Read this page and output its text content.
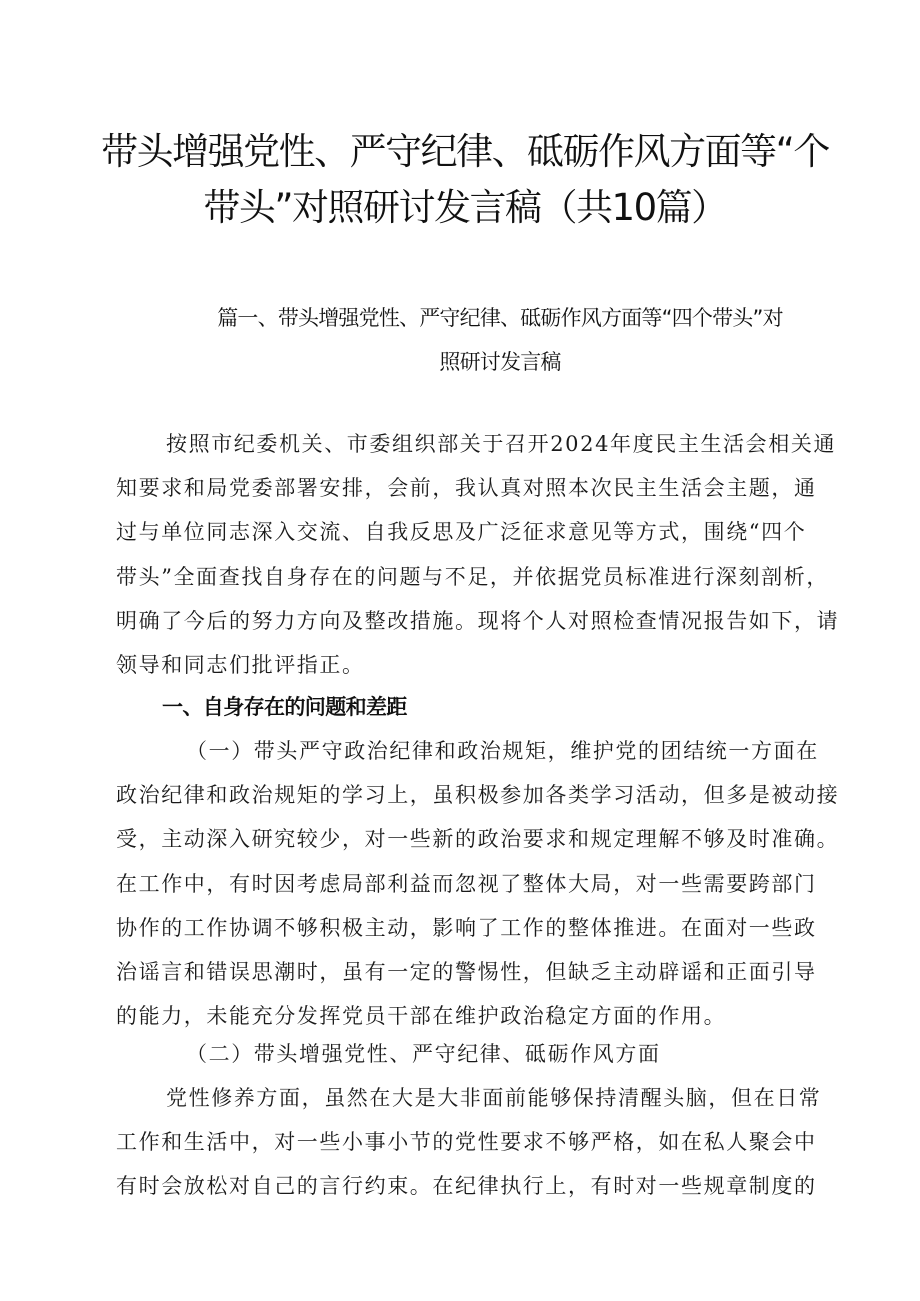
带头增强党性、严守纪律、砥砺作风方面等“个
带头”对照研讨发言稿（共10篇）
篇一、带头增强党性、严守纪律、砥砺作风方面等“四个带头”对
照研讨发言稿

按照市纪委机关、市委组织部关于召开2024年度民主生活会相关通
知要求和局党委部署安排，会前，我认真对照本次民主生活会主题，通
过与单位同志深入交流、自我反思及广泛征求意见等方式，围绕“四个
带头”全面查找自身存在的问题与不足，并依据党员标准进行深刻剖析，
明确了今后的努力方向及整改措施。现将个人对照检查情况报告如下，请
领导和同志们批评指正。

一、自身存在的问题和差距

（一）带头严守政治纪律和政治规矩，维护党的团结统一方面在
政治纪律和政治规矩的学习上，虽积极参加各类学习活动，但多是被动接
受，主动深入研究较少，对一些新的政治要求和规定理解不够及时准确。
在工作中，有时因考虑局部利益而忽视了整体大局，对一些需要跨部门
协作的工作协调不够积极主动，影响了工作的整体推进。在面对一些政
治谣言和错误思潮时，虽有一定的警惕性，但缺乏主动辟谣和正面引导
的能力，未能充分发挥党员干部在维护政治稳定方面的作用。

（二）带头增强党性、严守纪律、砥砺作风方面

党性修养方面，虽然在大是大非面前能够保持清醒头脑，但在日常
工作和生活中，对一些小事小节的党性要求不够严格，如在私人聚会中
有时会放松对自己的言行约束。在纪律执行上，有时对一些规章制度的
